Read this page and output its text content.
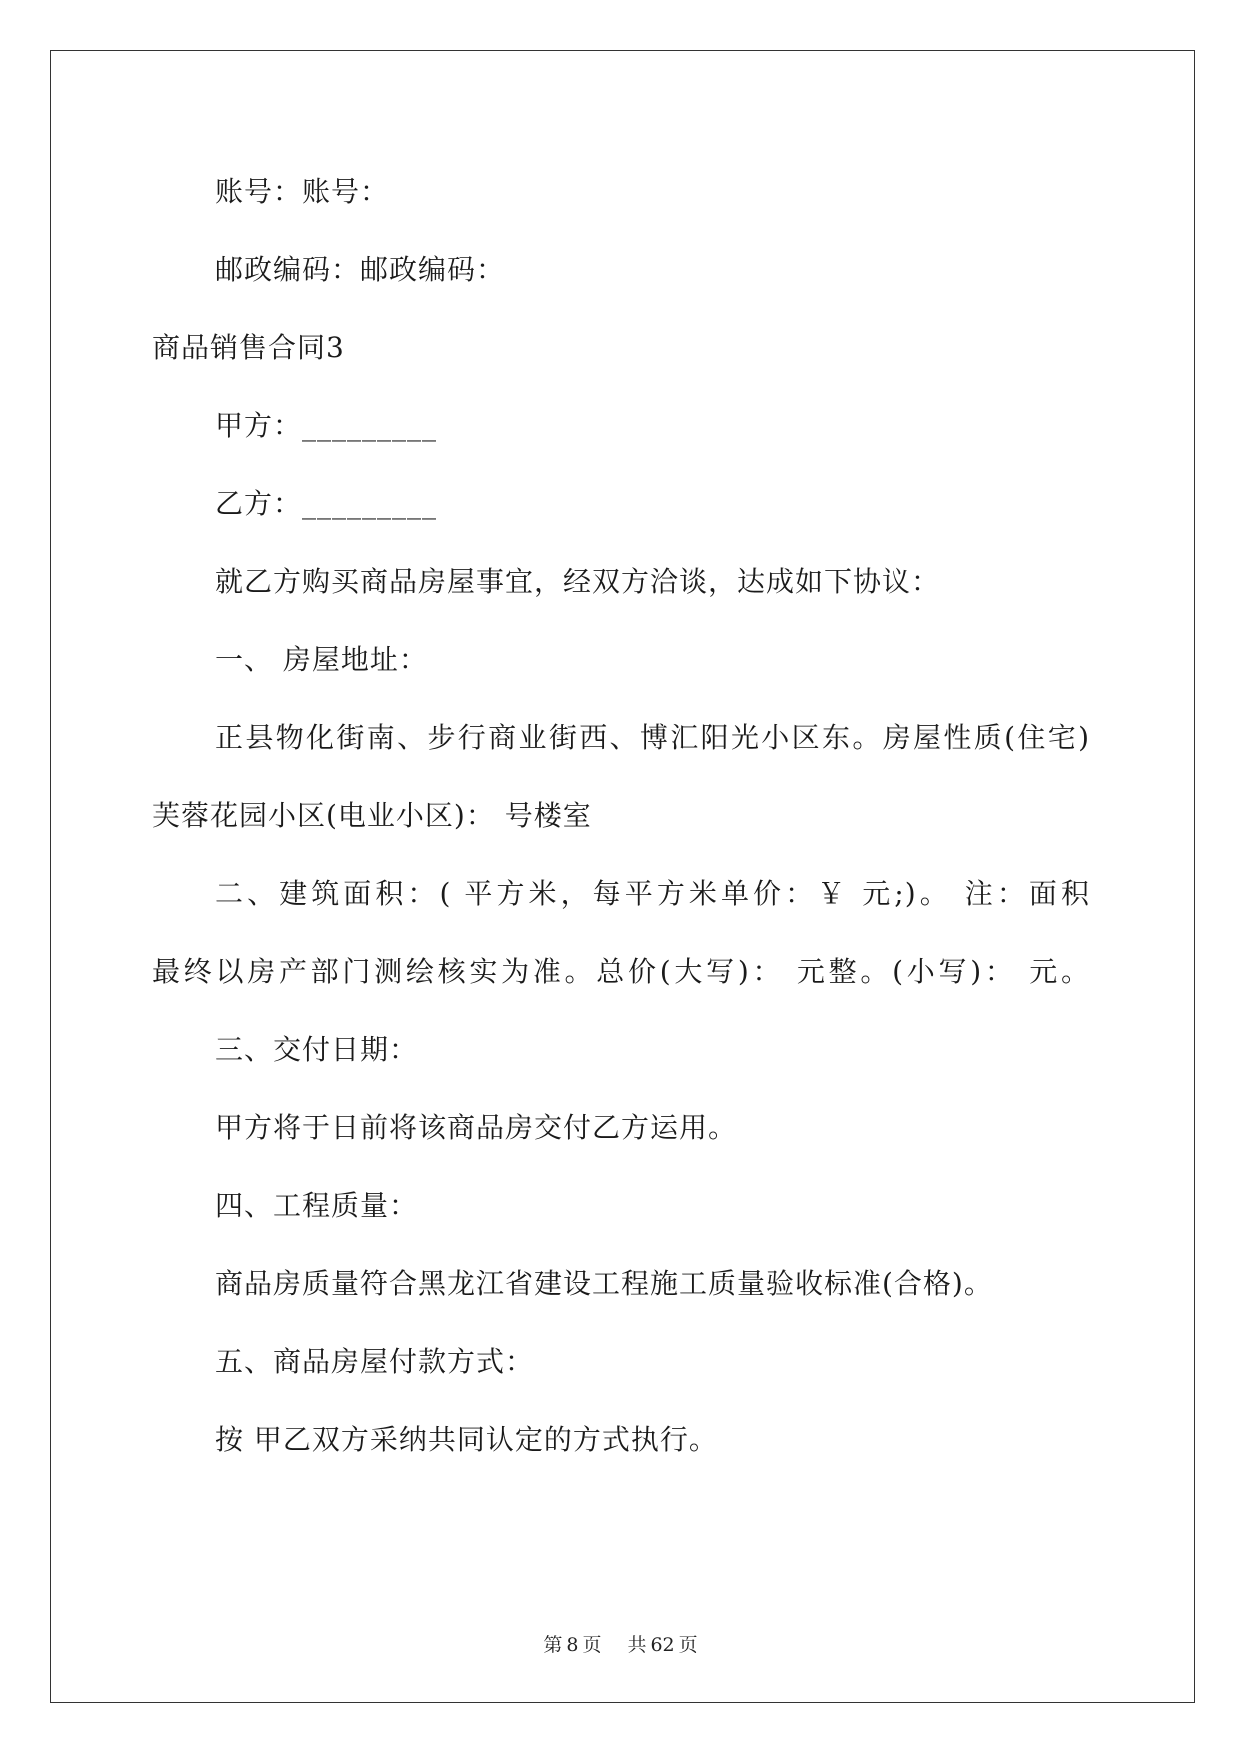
账号：账号：
邮政编码：邮政编码：
商品销售合同3
甲方：_________
乙方：_________
就乙方购买商品房屋事宜，经双方洽谈，达成如下协议：
一、 房屋地址：
正县物化街南、步行商业街西、博汇阳光小区东。房屋性质(住宅)
芙蓉花园小区(电业小区)： 号楼室
二、建筑面积：( 平方米，每平方米单价：￥ 元;)。 注：面积
最终以房产部门测绘核实为准。总价(大写)： 元整。(小写)： 元。
三、交付日期：
甲方将于日前将该商品房交付乙方运用。
四、工程质量：
商品房质量符合黑龙江省建设工程施工质量验收标准(合格)。
五、商品房屋付款方式：
按 甲乙双方采纳共同认定的方式执行。
第 8 页 共 62 页
